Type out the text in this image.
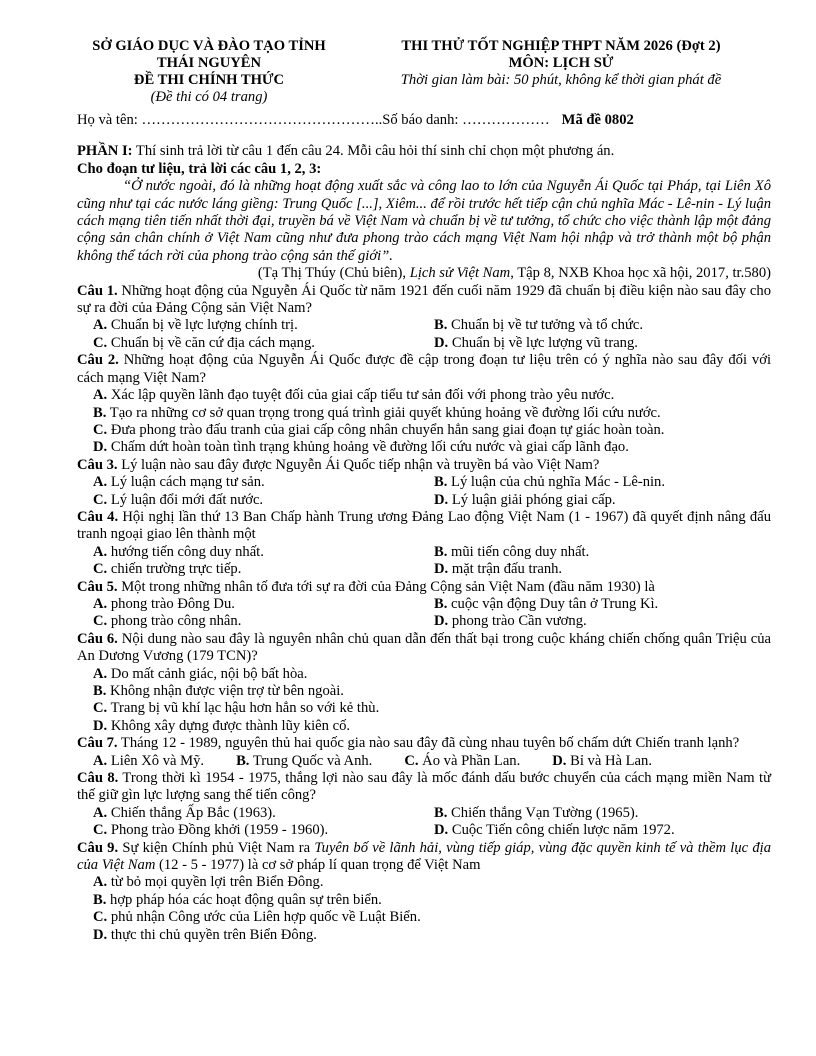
SỞ GIÁO DỤC VÀ ĐÀO TẠO TỈNH
THÁI NGUYÊN
ĐỀ THI CHÍNH THỨC
(Đề thi có 04 trang)
THI THỬ TỐT NGHIỆP THPT NĂM 2026 (Đợt 2)
MÔN: LỊCH SỬ
Thời gian làm bài: 50 phút, không kể thời gian phát đề
Họ và tên: ………………………………………….. Số báo danh: ……………… Mã đề 0802
PHẦN I: Thí sinh trả lời từ câu 1 đến câu 24. Mỗi câu hỏi thí sinh chỉ chọn một phương án.
Cho đoạn tư liệu, trả lời các câu 1, 2, 3:
“Ở nước ngoài, đó là những hoạt động xuất sắc và công lao to lớn của Nguyễn Ái Quốc tại Pháp, tại Liên Xô cũng như tại các nước láng giềng: Trung Quốc [...], Xiêm... để rồi trước hết tiếp cận chủ nghĩa Mác - Lê-nin - Lý luận cách mạng tiên tiến nhất thời đại, truyền bá về Việt Nam và chuẩn bị về tư tưởng, tổ chức cho việc thành lập một đảng cộng sản chân chính ở Việt Nam cũng như đưa phong trào cách mạng Việt Nam hội nhập và trở thành một bộ phận không thể tách rời của phong trào cộng sản thế giới”.
(Tạ Thị Thúy (Chủ biên), Lịch sử Việt Nam, Tập 8, NXB Khoa học xã hội, 2017, tr.580)
Câu 1. Những hoạt động của Nguyễn Ái Quốc từ năm 1921 đến cuối năm 1929 đã chuẩn bị điều kiện nào sau đây cho sự ra đời của Đảng Cộng sản Việt Nam?
A. Chuẩn bị về lực lượng chính trị.	B. Chuẩn bị về tư tưởng và tổ chức.
C. Chuẩn bị về căn cứ địa cách mạng.	D. Chuẩn bị về lực lượng vũ trang.
Câu 2. Những hoạt động của Nguyễn Ái Quốc được đề cập trong đoạn tư liệu trên có ý nghĩa nào sau đây đối với cách mạng Việt Nam?
A. Xác lập quyền lãnh đạo tuyệt đối của giai cấp tiểu tư sản đối với phong trào yêu nước.
B. Tạo ra những cơ sở quan trọng trong quá trình giải quyết khủng hoảng về đường lối cứu nước.
C. Đưa phong trào đấu tranh của giai cấp công nhân chuyển hẳn sang giai đoạn tự giác hoàn toàn.
D. Chấm dứt hoàn toàn tình trạng khủng hoảng về đường lối cứu nước và giai cấp lãnh đạo.
Câu 3. Lý luận nào sau đây được Nguyễn Ái Quốc tiếp nhận và truyền bá vào Việt Nam?
A. Lý luận cách mạng tư sản.	B. Lý luận của chủ nghĩa Mác - Lê-nin.
C. Lý luận đổi mới đất nước.	D. Lý luận giải phóng giai cấp.
Câu 4. Hội nghị lần thứ 13 Ban Chấp hành Trung ương Đảng Lao động Việt Nam (1 - 1967) đã quyết định nâng đấu tranh ngoại giao lên thành một
A. hướng tiến công duy nhất.	B. mũi tiến công duy nhất.
C. chiến trường trực tiếp.	D. mặt trận đấu tranh.
Câu 5. Một trong những nhân tố đưa tới sự ra đời của Đảng Cộng sản Việt Nam (đầu năm 1930) là
A. phong trào Đông Du.	B. cuộc vận động Duy tân ở Trung Kì.
C. phong trào công nhân.	D. phong trào Cần vương.
Câu 6. Nội dung nào sau đây là nguyên nhân chủ quan dẫn đến thất bại trong cuộc kháng chiến chống quân Triệu của An Dương Vương (179 TCN)?
A. Do mất cảnh giác, nội bộ bất hòa.
B. Không nhận được viện trợ từ bên ngoài.
C. Trang bị vũ khí lạc hậu hơn hẳn so với kẻ thù.
D. Không xây dựng được thành lũy kiên cố.
Câu 7. Tháng 12 - 1989, nguyên thủ hai quốc gia nào sau đây đã cùng nhau tuyên bố chấm dứt Chiến tranh lạnh?
A. Liên Xô và Mỹ. B. Trung Quốc và Anh. C. Áo và Phần Lan. D. Bỉ và Hà Lan.
Câu 8. Trong thời kì 1954 - 1975, thắng lợi nào sau đây là mốc đánh dấu bước chuyển của cách mạng miền Nam từ thế giữ gìn lực lượng sang thế tiến công?
A. Chiến thắng Ấp Bắc (1963).	B. Chiến thắng Vạn Tường (1965).
C. Phong trào Đồng khởi (1959 - 1960).	D. Cuộc Tiến công chiến lược năm 1972.
Câu 9. Sự kiện Chính phủ Việt Nam ra Tuyên bố về lãnh hải, vùng tiếp giáp, vùng đặc quyền kinh tế và thềm lục địa của Việt Nam (12 - 5 - 1977) là cơ sở pháp lí quan trọng để Việt Nam
A. từ bỏ mọi quyền lợi trên Biển Đông.
B. hợp pháp hóa các hoạt động quân sự trên biển.
C. phủ nhận Công ước của Liên hợp quốc về Luật Biển.
D. thực thi chủ quyền trên Biển Đông.
